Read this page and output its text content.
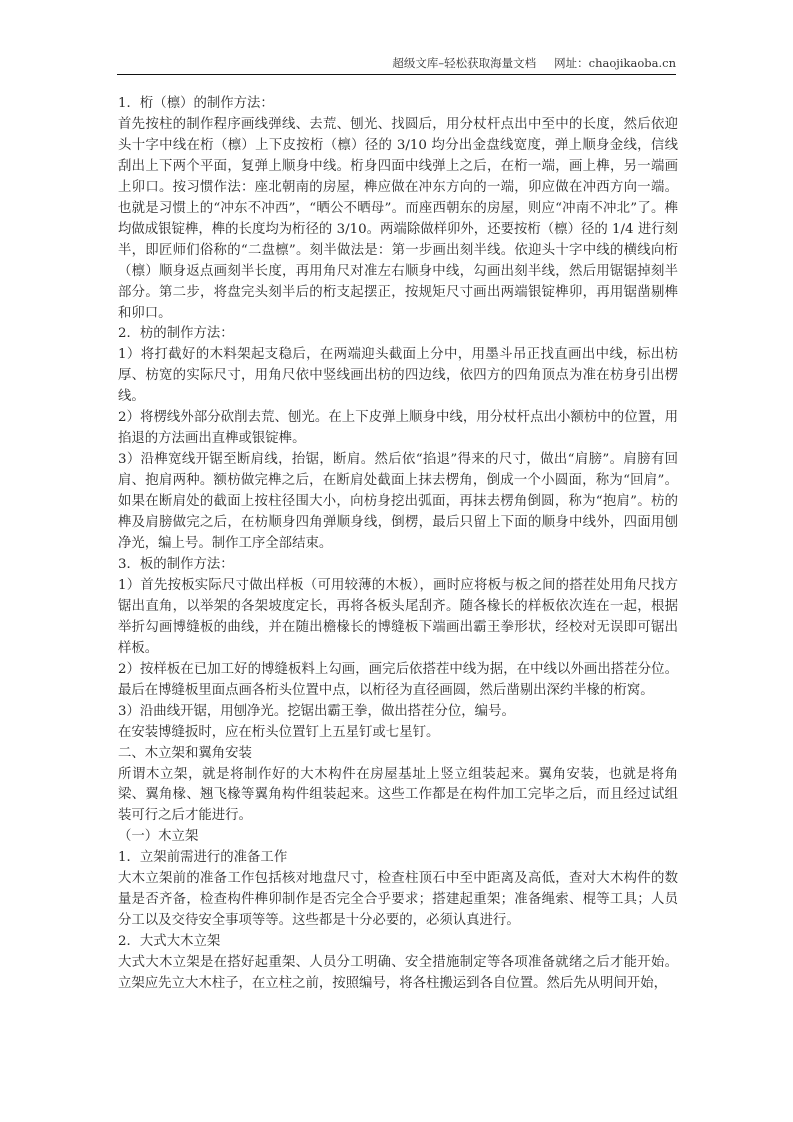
超级文库–轻松获取海量文档 网址：chaojikaoba.cn

1．桁（檩）的制作方法：

首先按柱的制作程序画线弹线、去荒、刨光、找圆后，用分杖杆点出中至中的长度，然后依迎头十字中线在桁（檩）上下皮按桁（檩）径的 3/10 均分出金盘线宽度，弹上顺身金线，信线刮出上下两个平面，复弹上顺身中线。桁身四面中线弹上之后，在桁一端，画上榫，另一端画上卯口。按习惯作法：座北朝南的房屋，榫应做在冲东方向的一端，卯应做在冲西方向一端。也就是习惯上的“冲东不冲西”，“晒公不晒母”。而座西朝东的房屋，则应“冲南不冲北”了。榫均做成银锭榫，榫的长度均为桁径的 3/10。两端除做样卯外，还要按桁（檩）径的 1/4 进行刻半，即匠师们俗称的“二盘檩”。刻半做法是：第一步画出刻半线。依迎头十字中线的横线向桁（檩）顺身返点画刻半长度，再用角尺对准左右顺身中线，勾画出刻半线，然后用锯锯掉刻半部分。第二步，将盘完头刻半后的桁支起摆正，按规矩尺寸画出两端银锭榫卯，再用锯凿剔榫和卯口。

2．枋的制作方法：

1）将打截好的木料架起支稳后，在两端迎头截面上分中，用墨斗吊正找直画出中线，标出枋厚、枋宽的实际尺寸，用角尺依中竖线画出枋的四边线，依四方的四角顶点为准在枋身引出楞线。

2）将楞线外部分砍削去荒、刨光。在上下皮弹上顺身中线，用分杖杆点出小额枋中的位置，用掐退的方法画出直榫或银锭榫。

3）沿榫宽线开锯至断肩线，抬锯，断肩。然后依“掐退”得来的尺寸，做出“肩膀”。肩膀有回肩、抱肩两种。额枋做完榫之后，在断肩处截面上抹去楞角，倒成一个小圆面，称为“回肩”。如果在断肩处的截面上按柱径围大小，向枋身挖出弧面，再抹去楞角倒圆，称为“抱肩”。枋的榫及肩膀做完之后，在枋顺身四角弹顺身线，倒楞，最后只留上下面的顺身中线外，四面用刨净光，编上号。制作工序全部结束。

3．板的制作方法：

1）首先按板实际尺寸做出样板（可用较薄的木板），画时应将板与板之间的搭茬处用角尺找方锯出直角，以举架的各架坡度定长，再将各板头尾刮齐。随各椽长的样板依次连在一起，根据举折勾画博缝板的曲线，并在随出檐椽长的博缝板下端画出霸王拳形状，经校对无误即可锯出样板。

2）按样板在已加工好的博缝板料上勾画，画完后依搭茬中线为据，在中线以外画出搭茬分位。最后在博缝板里面点画各桁头位置中点，以桁径为直径画圆，然后凿剔出深约半椽的桁窝。

3）沿曲线开锯，用刨净光。挖锯出霸王拳，做出搭茬分位，编号。

在安装博缝扳时，应在桁头位置钉上五星钉或七星钉。

二、木立架和翼角安装

所谓木立架，就是将制作好的大木构件在房屋基址上竖立组装起来。翼角安装，也就是将角梁、翼角椽、翘飞椽等翼角构件组装起来。这些工作都是在构件加工完毕之后，而且经过试组装可行之后才能进行。

（一）木立架

1．立架前需进行的准备工作

大木立架前的准备工作包括核对地盘尺寸，检查柱顶石中至中距离及高低，查对大木构件的数量是否齐备，检查构件榫卯制作是否完全合乎要求；搭建起重架；准备绳索、棍等工具；人员分工以及交待安全事项等等。这些都是十分必要的，必须认真进行。

2．大式大木立架

大式大木立架是在搭好起重架、人员分工明确、安全措施制定等各项准备就绪之后才能开始。立架应先立大木柱子，在立柱之前，按照编号，将各柱搬运到各自位置。然后先从明间开始，
